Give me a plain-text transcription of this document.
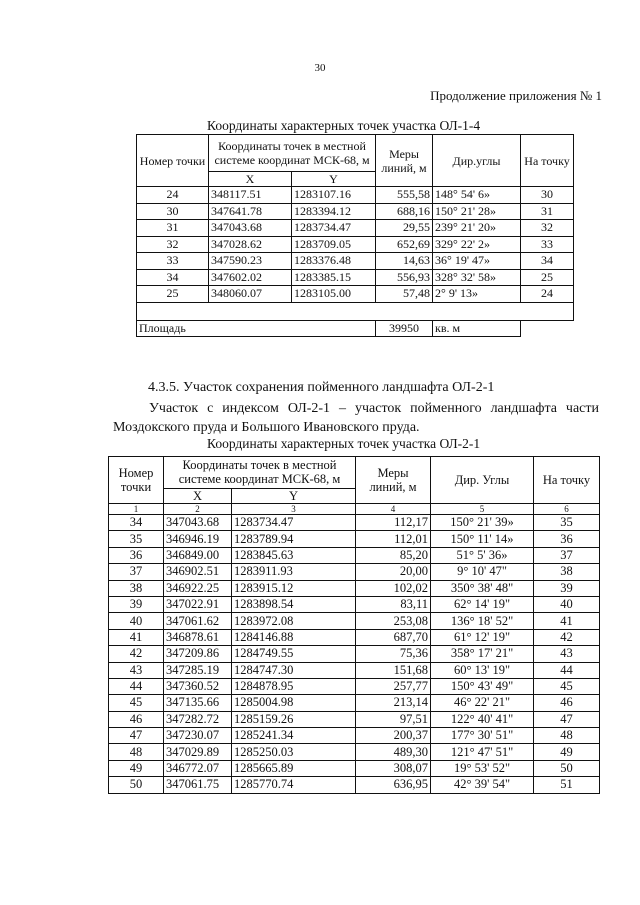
30
Продолжение приложения № 1
Координаты характерных точек участка ОЛ-1-4
Номер точки	Координаты точек в местной системе координат МСК-68, м		Меры линий, м	Дир.углы	На точку
	X	Y			
24	348117.51	1283107.16	555,58	148° 54' 6»	30
30	347641.78	1283394.12	688,16	150° 21' 28»	31
31	347043.68	1283734.47	29,55	239° 21' 20»	32
32	347028.62	1283709.05	652,69	329° 22' 2»	33
33	347590.23	1283376.48	14,63	36° 19' 47»	34
34	347602.02	1283385.15	556,93	328° 32' 58»	25
25	348060.07	1283105.00	57,48	2° 9' 13»	24

Площадь			39950	кв. м	
4.3.5. Участок сохранения пойменного ландшафта ОЛ-2-1
Участок с индексом ОЛ-2-1 – участок пойменного ландшафта части Моздокского пруда и Большого Ивановского пруда.
Координаты характерных точек участка ОЛ-2-1
Номер точки	Координаты точек в местной системе координат МСК-68, м		Меры линий, м	Дир. Углы	На точку
	X	Y			
1	2	3	4	5	6
34	347043.68	1283734.47	112,17	150° 21' 39»	35
35	346946.19	1283789.94	112,01	150° 11' 14»	36
36	346849.00	1283845.63	85,20	51° 5' 36»	37
37	346902.51	1283911.93	20,00	9° 10' 47"	38
38	346922.25	1283915.12	102,02	350° 38' 48"	39
39	347022.91	1283898.54	83,11	62° 14' 19"	40
40	347061.62	1283972.08	253,08	136° 18' 52"	41
41	346878.61	1284146.88	687,70	61° 12' 19"	42
42	347209.86	1284749.55	75,36	358° 17' 21"	43
43	347285.19	1284747.30	151,68	60° 13' 19"	44
44	347360.52	1284878.95	257,77	150° 43' 49"	45
45	347135.66	1285004.98	213,14	46° 22' 21"	46
46	347282.72	1285159.26	97,51	122° 40' 41"	47
47	347230.07	1285241.34	200,37	177° 30' 51"	48
48	347029.89	1285250.03	489,30	121° 47' 51"	49
49	346772.07	1285665.89	308,07	19° 53' 52"	50
50	347061.75	1285770.74	636,95	42° 39' 54"	51
